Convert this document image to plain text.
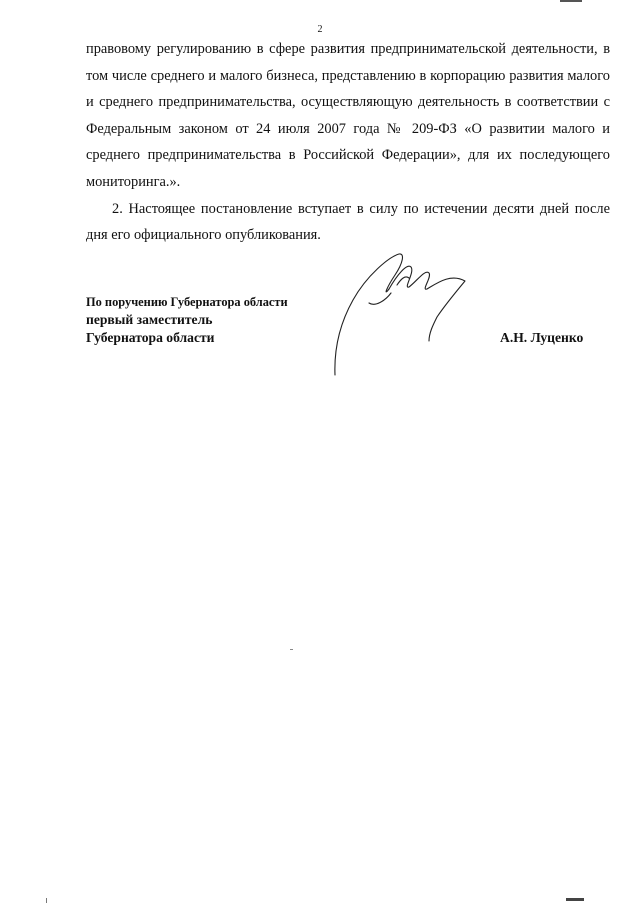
2

правовому регулированию в сфере развития предпринимательской деятельности, в том числе среднего и малого бизнеса, представлению в корпорацию развития малого и среднего предпринимательства, осуществляющую деятельность в соответствии с Федеральным законом от 24 июля 2007 года № 209-ФЗ «О развитии малого и среднего предпринимательства в Российской Федерации», для их последующего мониторинга.».

2. Настоящее постановление вступает в силу по истечении десяти дней после дня его официального опубликования.

По поручению Губернатора области
первый заместитель
Губернатора области	А.Н. Луценко
